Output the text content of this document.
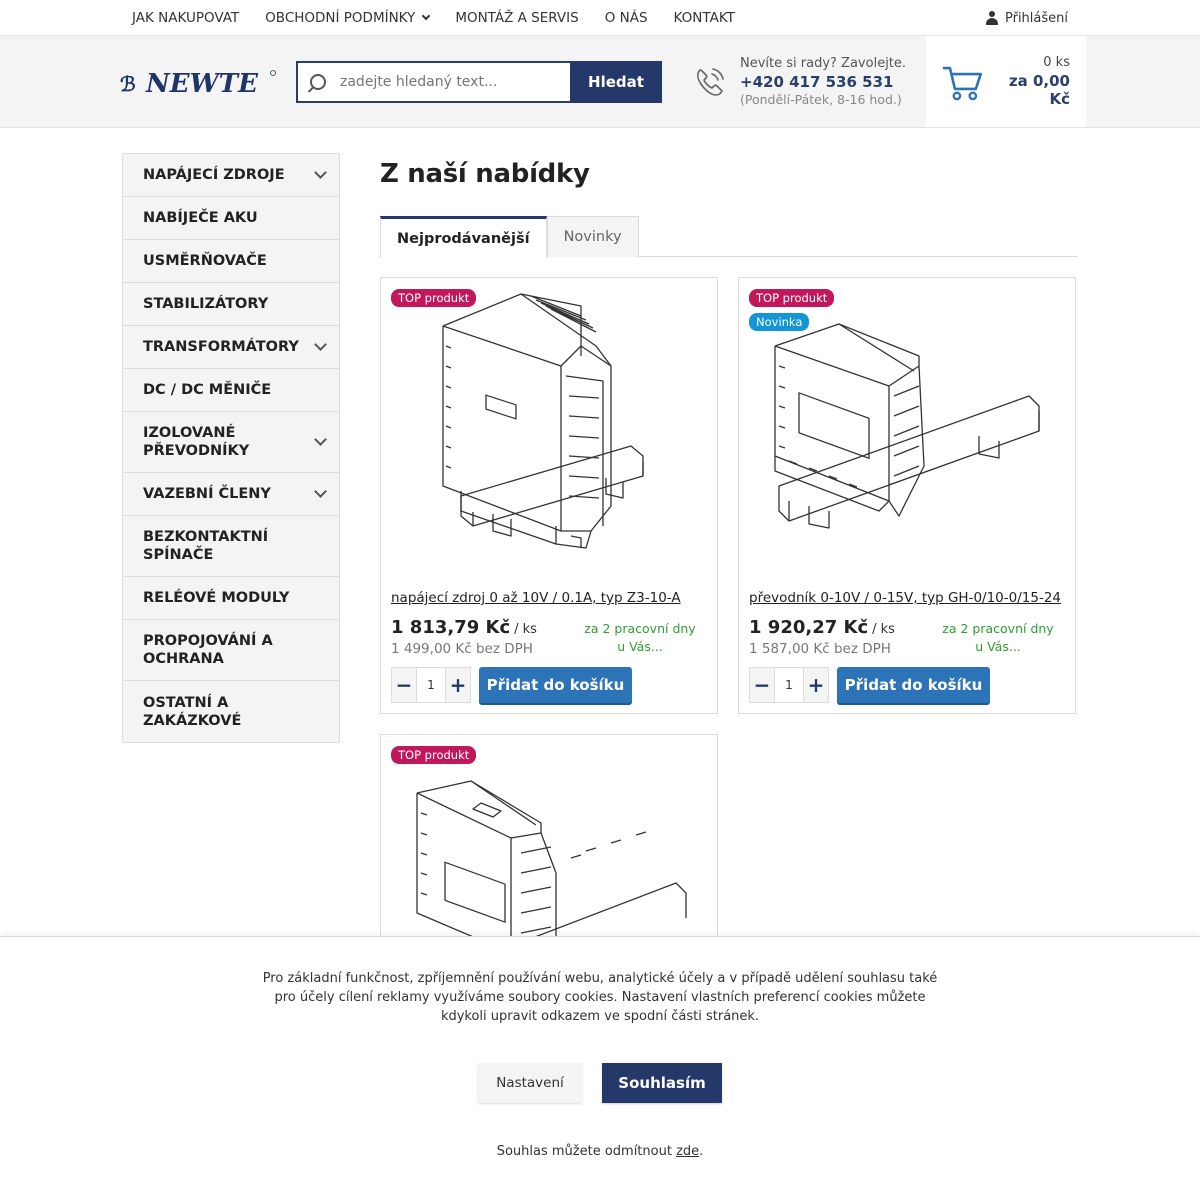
JAK NAKUPOVAT OBCHODNÍ PODMÍNKY	MONTÁŽ A SERVIS O NÁS KONTAKT	Přihlášení
ℬ NEWTE
zadejte hledaný text...	Hledat
Nevíte si rady? Zavolejte.
+420 417 536 531
(Pondělí-Pátek, 8-16 hod.)
0 ks
za 0,00 Kč
NAPÁJECÍ ZDROJE
NABÍJEČE AKU
USMĚRŇOVAČE
STABILIZÁTORY
TRANSFORMÁTORY
DC / DC MĚNIČE
IZOLOVANÉ PŘEVODNÍKY
VAZEBNÍ ČLENY
BEZKONTAKTNÍ SPÍNAČE
RELÉOVÉ MODULY
PROPOJOVÁNÍ A OCHRANA
OSTATNÍ A ZAKÁZKOVÉ
Z naší nabídky
Nejprodávanější	Novinky
TOP produkt
napájecí zdroj 0 až 10V / 0.1A, typ Z3-10-A
1 813,79 Kč / ks
1 499,00 Kč bez DPH
za 2 pracovní dny u Vás...
−	1 +	Přidat do košíku
TOP produkt
Novinka
převodník 0-10V / 0-15V, typ GH-0/10-0/15-24
1 920,27 Kč / ks
1 587,00 Kč bez DPH
za 2 pracovní dny u Vás...
−	1 +	Přidat do košíku
TOP produkt
Pro základní funkčnost, zpříjemnění používání webu, analytické účely a v případě udělení souhlasu také pro účely cílení reklamy využíváme soubory cookies. Nastavení vlastních preferencí cookies můžete kdykoli upravit odkazem ve spodní části stránek.
Nastavení	Souhlasím
Souhlas můžete odmítnout zde.
